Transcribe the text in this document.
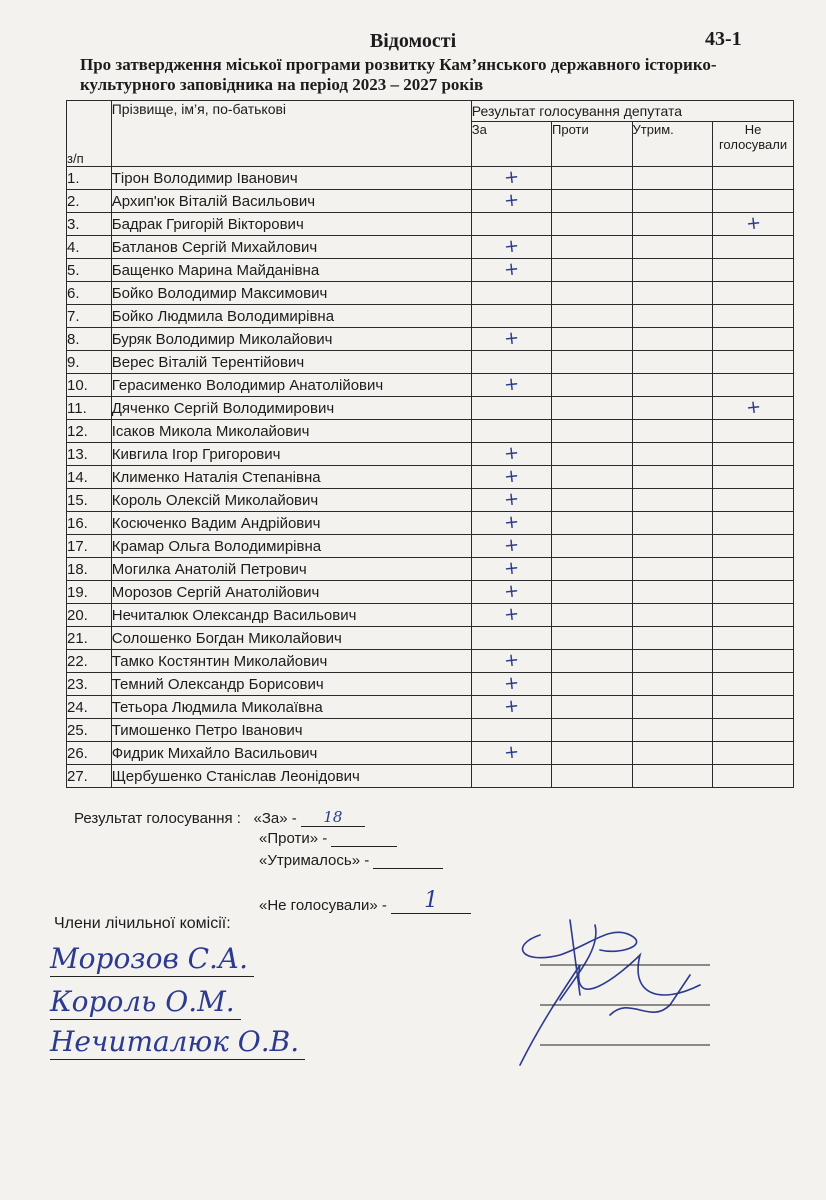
Відомості	43-1
Про затвердження міської програми розвитку Кам’янського державного історико-культурного заповідника на період 2023 – 2027 років
з/п	Прізвище, ім’я, по-батькові	Результат голосування депутата			
		За	Проти	Утрим.	Не голосували
1.	Тірон Володимир Іванович	+			
2.	Архип'юк Віталій Васильович	+			
3.	Бадрак Григорій Вікторович				+
4.	Батланов Сергій Михайлович	+			
5.	Бащенко Марина Майданівна	+			
6.	Бойко Володимир Максимович				
7.	Бойко Людмила Володимирівна				
8.	Буряк Володимир Миколайович	+			
9.	Верес Віталій Терентійович				
10.	Герасименко Володимир Анатолійович	+			
11.	Дяченко Сергій Володимирович				+
12.	Ісаков Микола Миколайович				
13.	Кивгила Ігор Григорович	+			
14.	Клименко Наталія Степанівна	+			
15.	Король Олексій Миколайович	+			
16.	Косюченко Вадим Андрійович	+			
17.	Крамар Ольга Володимирівна	+			
18.	Могилка Анатолій Петрович	+			
19.	Морозов Сергій Анатолійович	+			
20.	Нечиталюк Олександр Васильович	+			
21.	Солошенко Богдан Миколайович				
22.	Тамко Костянтин Миколайович	+			
23.	Темний Олександр Борисович	+			
24.	Тетьора Людмила Миколаївна	+			
25.	Тимошенко Петро Іванович				
26.	Фидрик Михайло Васильович	+			
27.	Щербушенко Станіслав Леонідович				
Результат голосування : «За» - 18
«Проти» -
«Утрималось» -
«Не голосували» - 1
Члени лічильної комісії:
Морозов С.А.
Король О.М.
Нечиталюк О.В.
